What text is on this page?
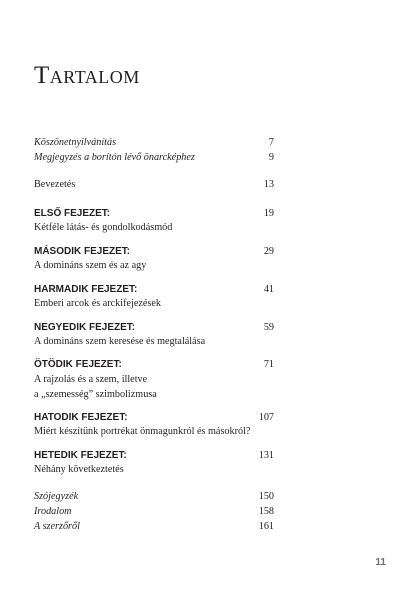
Tartalom
Köszönetnyilvánítás	7
Megjegyzés a borítón lévő önarcképhez	9
Bevezetés	13
ELSŐ FEJEZET:	19
Kétféle látás- és gondolkodásmód
MÁSODIK FEJEZET:	29
A domináns szem és az agy
HARMADIK FEJEZET:	41
Emberi arcok és arckifejezések
NEGYEDIK FEJEZET:	59
A domináns szem keresése és megtalálása
ÖTÖDIK FEJEZET:	71
A rajzolás és a szem, illetve
a „szemesség” szimbolizmusa
HATODIK FEJEZET:	107
Miért készítünk portrékat önmagunkról és másokról?
HETEDIK FEJEZET:	131
Néhány következtetés
Szójegyzék	150
Irodalom	158
A szerzőről	161
11
